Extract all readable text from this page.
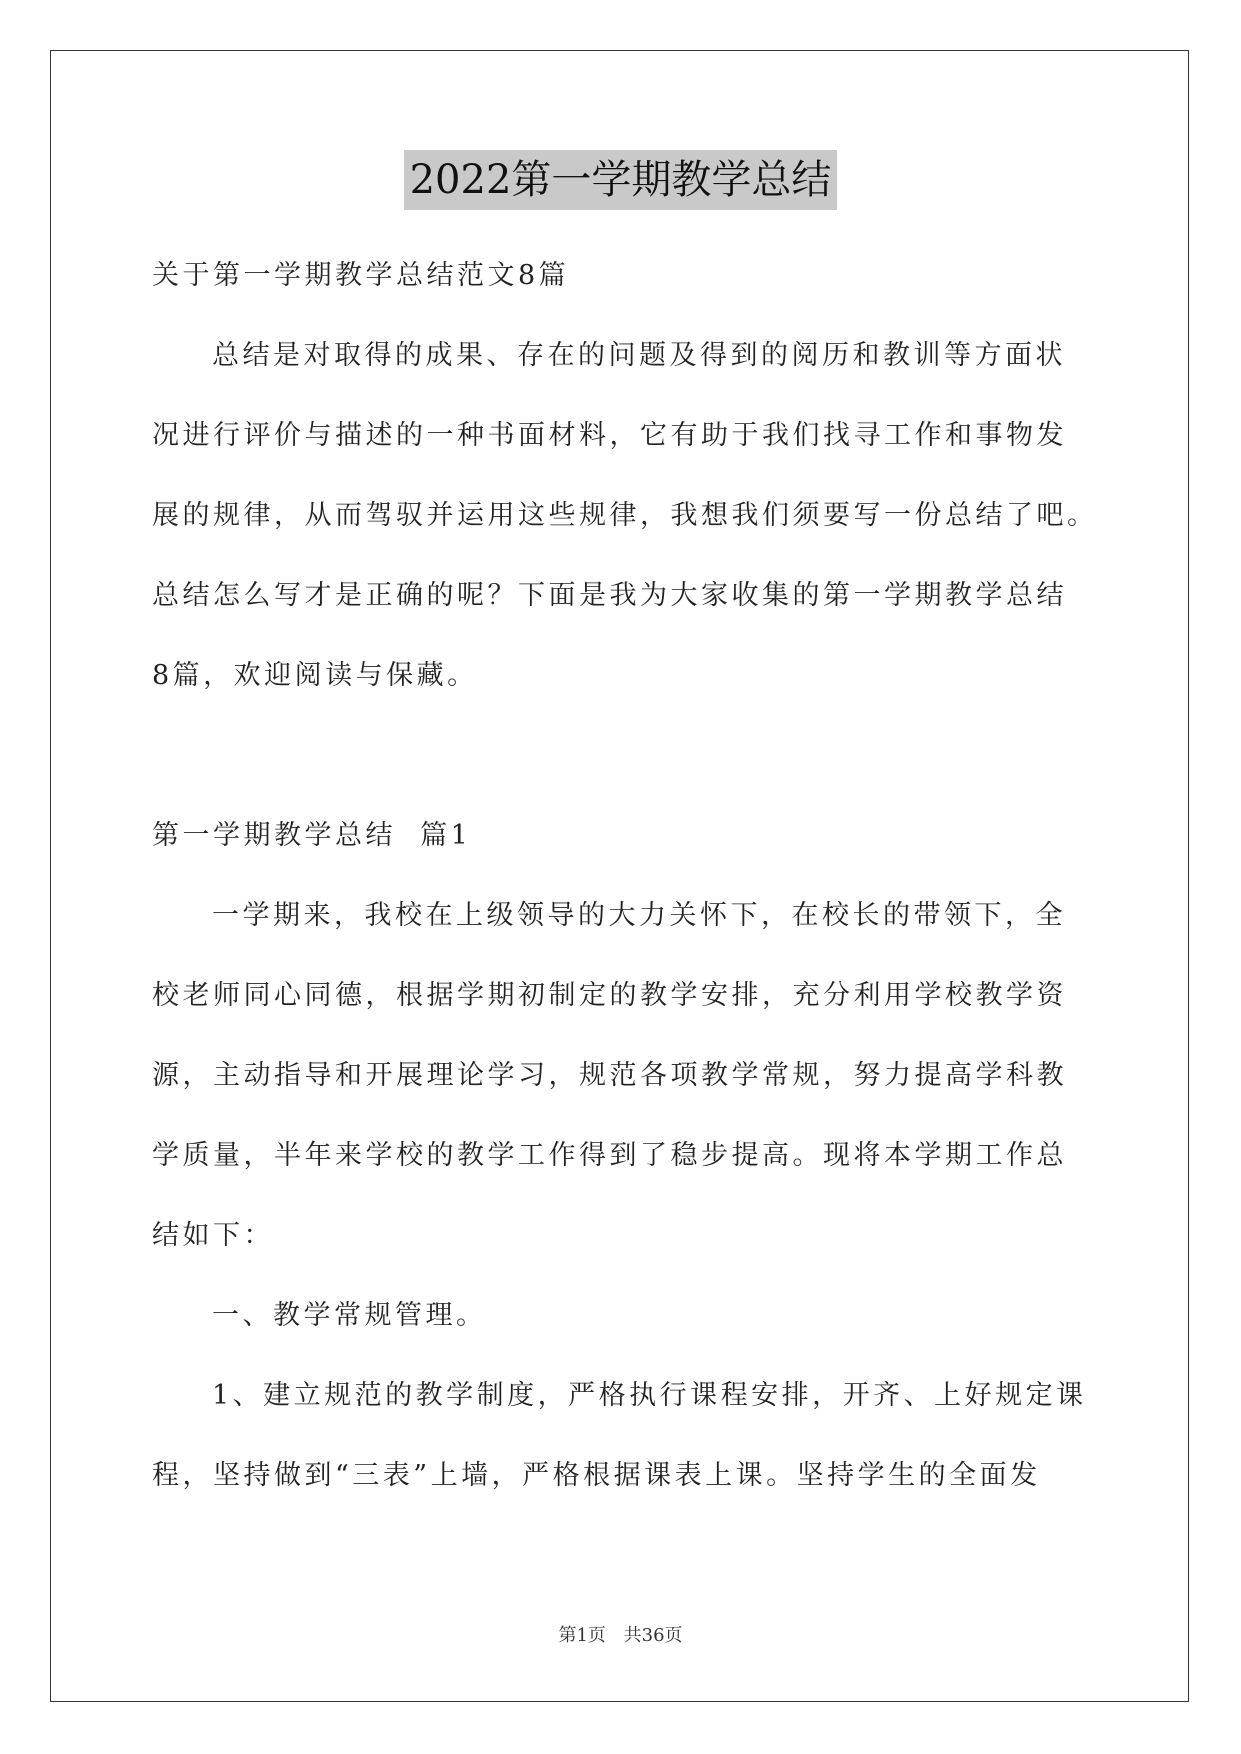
2022第一学期教学总结
关于第一学期教学总结范文8篇
总结是对取得的成果、存在的问题及得到的阅历和教训等方面状
况进行评价与描述的一种书面材料，它有助于我们找寻工作和事物发
展的规律，从而驾驭并运用这些规律，我想我们须要写一份总结了吧。
总结怎么写才是正确的呢？下面是我为大家收集的第一学期教学总结
8篇，欢迎阅读与保藏。
第一学期教学总结  篇1
一学期来，我校在上级领导的大力关怀下，在校长的带领下，全
校老师同心同德，根据学期初制定的教学安排，充分利用学校教学资
源，主动指导和开展理论学习，规范各项教学常规，努力提高学科教
学质量，半年来学校的教学工作得到了稳步提高。现将本学期工作总
结如下：
一、教学常规管理。
1、建立规范的教学制度，严格执行课程安排，开齐、上好规定课
程，坚持做到“三表”上墙，严格根据课表上课。坚持学生的全面发
第1页 共36页
